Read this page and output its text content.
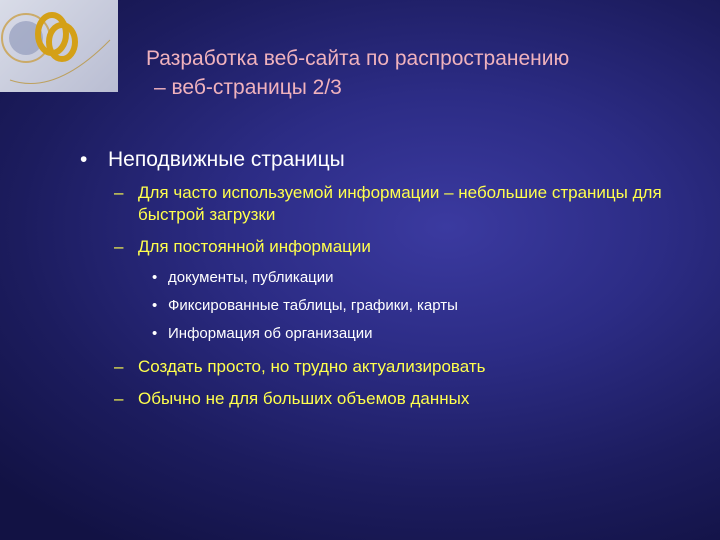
Разработка веб-сайта по распространению
– веб-страницы 2/3
• Неподвижные страницы
– Для часто используемой информации – небольшие страницы для быстрой загрузки
– Для постоянной информации
• документы, публикации
• Фиксированные таблицы, графики, карты
• Информация об организации
– Создать просто, но трудно актуализировать
– Обычно не для больших объемов данных
